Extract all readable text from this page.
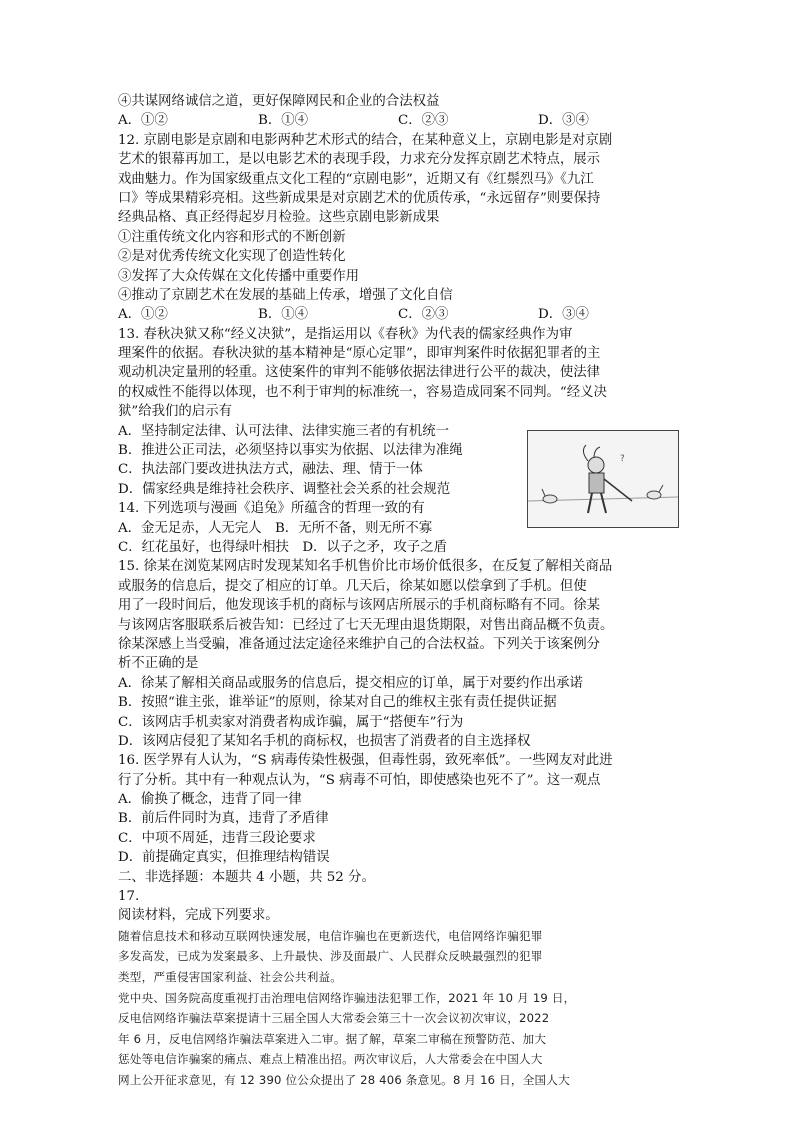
④共谋网络诚信之道，更好保障网民和企业的合法权益
A．①②	B．①④	C．②③	D．③④
12. 京剧电影是京剧和电影两种艺术形式的结合，在某种意义上，京剧电影是对京剧
艺术的银幕再加工，是以电影艺术的表现手段，力求充分发挥京剧艺术特点，展示
戏曲魅力。作为国家级重点文化工程的“京剧电影”，近期又有《红鬃烈马》《九江
口》等成果精彩亮相。这些新成果是对京剧艺术的优质传承，“永远留存”则要保持
经典品格、真正经得起岁月检验。这些京剧电影新成果
①注重传统文化内容和形式的不断创新
②是对优秀传统文化实现了创造性转化
③发挥了大众传媒在文化传播中重要作用
④推动了京剧艺术在发展的基础上传承，增强了文化自信
A．①②	B．①④	C．②③	D．③④
13. 春秋决狱又称“经义决狱”，是指运用以《春秋》为代表的儒家经典作为审
理案件的依据。春秋决狱的基本精神是“原心定罪”，即审判案件时依据犯罪者的主
观动机决定量刑的轻重。这使案件的审判不能够依据法律进行公平的裁决，使法律
的权威性不能得以体现，也不利于审判的标准统一，容易造成同案不同判。“经义决
狱”给我们的启示有
A．坚持制定法律、认可法律、法律实施三者的有机统一
B．推进公正司法，必须坚持以事实为依据、以法律为准绳
C．执法部门要改进执法方式，融法、理、情于一体
D．儒家经典是维持社会秩序、调整社会关系的社会规范
14. 下列选项与漫画《追兔》所蕴含的哲理一致的有
A．金无足赤，人无完人　B．无所不备，则无所不寡
C．红花虽好，也得绿叶相扶　D．以子之矛，攻子之盾
15. 徐某在浏览某网店时发现某知名手机售价比市场价低很多，在反复了解相关商品
或服务的信息后，提交了相应的订单。几天后，徐某如愿以偿拿到了手机。但使
用了一段时间后，他发现该手机的商标与该网店所展示的手机商标略有不同。徐某
与该网店客服联系后被告知：已经过了七天无理由退货期限，对售出商品概不负责。
徐某深感上当受骗，准备通过法定途径来维护自己的合法权益。下列关于该案例分
析不正确的是
A．徐某了解相关商品或服务的信息后，提交相应的订单，属于对要约作出承诺
B．按照“谁主张，谁举证”的原则，徐某对自己的维权主张有责任提供证据
C．该网店手机卖家对消费者构成诈骗，属于“搭便车”行为
D．该网店侵犯了某知名手机的商标权，也损害了消费者的自主选择权
16. 医学界有人认为，“S 病毒传染性极强，但毒性弱，致死率低”。一些网友对此进
行了分析。其中有一种观点认为，“S 病毒不可怕，即使感染也死不了”。这一观点
A．偷换了概念，违背了同一律
B．前后件同时为真，违背了矛盾律
C．中项不周延，违背三段论要求
D．前提确定真实，但推理结构错误
二、非选择题：本题共 4 小题，共 52 分。
17.
阅读材料，完成下列要求。
随着信息技术和移动互联网快速发展，电信诈骗也在更新迭代，电信网络诈骗犯罪
多发高发，已成为发案最多、上升最快、涉及面最广、人民群众反映最强烈的犯罪
类型，严重侵害国家利益、社会公共利益。
党中央、国务院高度重视打击治理电信网络诈骗违法犯罪工作，2021 年 10 月 19 日，
反电信网络诈骗法草案提请十三届全国人大常委会第三十一次会议初次审议，2022
年 6 月，反电信网络诈骗法草案进入二审。据了解，草案二审稿在预警防范、加大
惩处等电信诈骗案的痛点、难点上精准出招。两次审议后，人大常委会在中国人大
网上公开征求意见，有 12 390 位公众提出了 28 406 条意见。8 月 16 日，全国人大
?
